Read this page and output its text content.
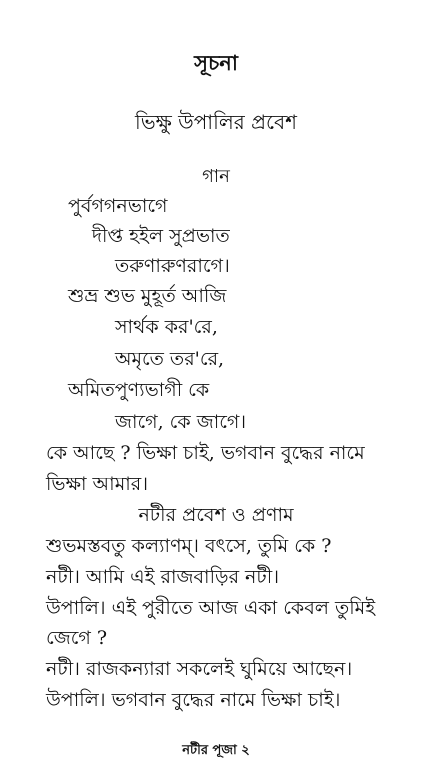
সূচনা
ভিক্ষু উপালির প্রবেশ
গান
পুর্বগগনভাগে
দীপ্ত হইল সুপ্রভাত
তরুণারুণরাগে।
শুভ্র শুভ মুহূর্ত আজি
সার্থক কর'রে,
অমৃতে তর'রে,
অমিতপুণ্যভাগী কে
জাগে, কে জাগে।
কে আছে ? ভিক্ষা চাই, ভগবান বুদ্ধের নামে
ভিক্ষা আমার।
নটীর প্রবেশ ও প্রণাম
শুভমস্তবতু কল্যাণম্‌। বৎসে, তুমি কে ?
নটী। আমি এই রাজবাড়ির নটী।
উপালি। এই পুরীতে আজ একা কেবল তুমিই
জেগে ?
নটী। রাজকন্যারা সকলেই ঘুমিয়ে আছেন।
উপালি। ভগবান বুদ্ধের নামে ভিক্ষা চাই।
নটীর পূজা ২
